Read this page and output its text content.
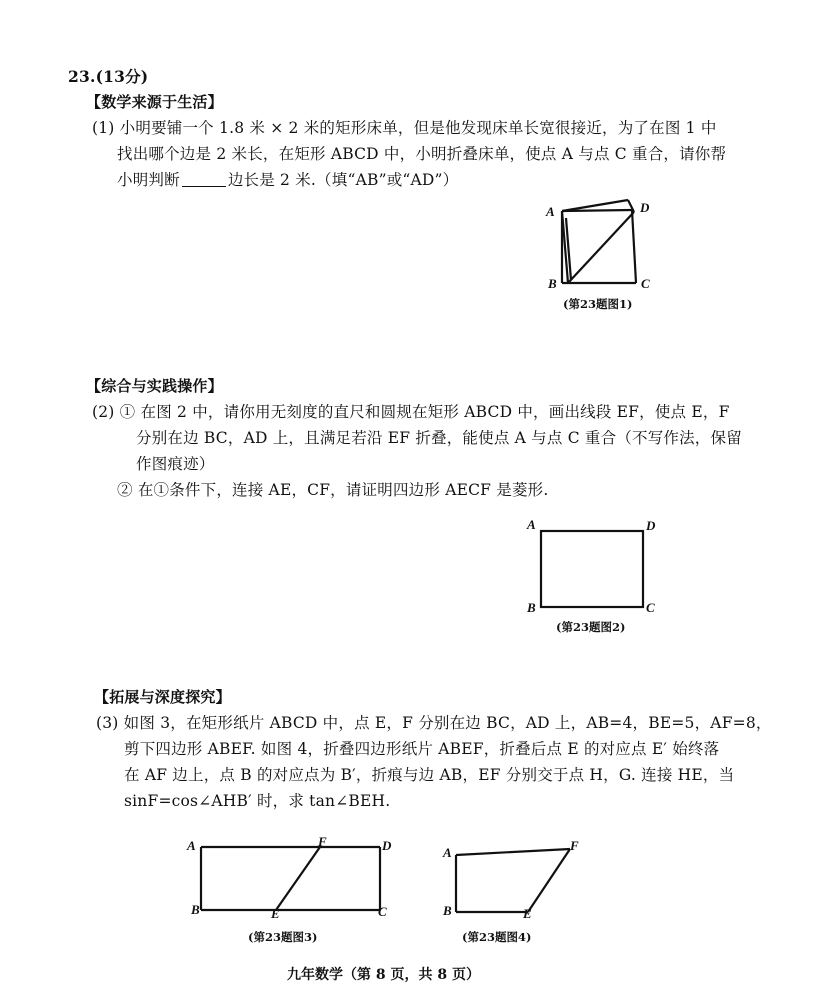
23.(13分)
【数学来源于生活】
(1) 小明要铺一个 1.8 米 × 2 米的矩形床单，但是他发现床单长宽很接近，为了在图 1 中
找出哪个边是 2 米长，在矩形 ABCD 中，小明折叠床单，使点 A 与点 C 重合，请你帮
小明判断	边长是 2 米.（填“AB”或“AD”）
A	D
B	C
(第23题图1)
【综合与实践操作】
(2) ① 在图 2 中，请你用无刻度的直尺和圆规在矩形 ABCD 中，画出线段 EF，使点 E，F
分别在边 BC，AD 上，且满足若沿 EF 折叠，能使点 A 与点 C 重合（不写作法，保留
作图痕迹）
② 在①条件下，连接 AE，CF，请证明四边形 AECF 是菱形.
A	D
B	C
(第23题图2)
【拓展与深度探究】
(3) 如图 3，在矩形纸片 ABCD 中，点 E，F 分别在边 BC，AD 上，AB=4，BE=5，AF=8，
剪下四边形 ABEF. 如图 4，折叠四边形纸片 ABEF，折叠后点 E 的对应点 E′ 始终落
在 AF 边上，点 B 的对应点为 B′，折痕与边 AB，EF 分别交于点 H，G. 连接 HE，当
sinF=cos∠AHB′ 时，求 tan∠BEH.
A	F	D
B	E	C
(第23题图3)
A	F
B	E
(第23题图4)
九年数学（第 8 页，共 8 页）
